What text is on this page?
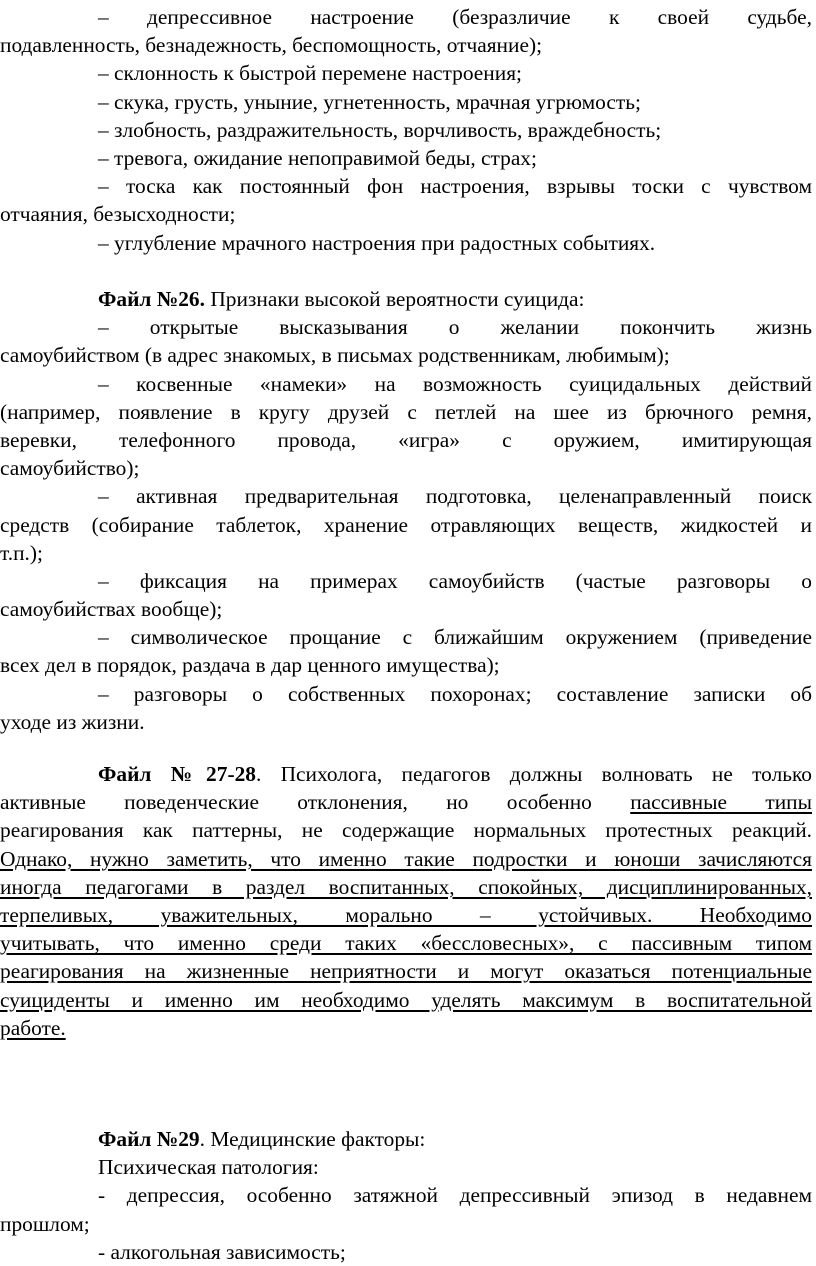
– депрессивное настроение (безразличие к своей судьбе,
подавленность, безнадежность, беспомощность, отчаяние);
– склонность к быстрой перемене настроения;
– скука, грусть, уныние, угнетенность, мрачная угрюмость;
– злобность, раздражительность, ворчливость, враждебность;
– тревога, ожидание непоправимой беды, страх;
– тоска как постоянный фон настроения, взрывы тоски с чувством
отчаяния, безысходности;
– углубление мрачного настроения при радостных событиях.
Файл №26. Признаки высокой вероятности суицида:
– открытые высказывания о желании покончить жизнь
самоубийством (в адрес знакомых, в письмах родственникам, любимым);
– косвенные «намеки» на возможность суицидальных действий
(например, появление в кругу друзей с петлей на шее из брючного ремня,
веревки, телефонного провода, «игра» с оружием, имитирующая
самоубийство);
– активная предварительная подготовка, целенаправленный поиск
средств (собирание таблеток, хранение отравляющих веществ, жидкостей и
т.п.);
– фиксация на примерах самоубийств (частые разговоры о
самоубийствах вообще);
– символическое прощание с ближайшим окружением (приведение
всех дел в порядок, раздача в дар ценного имущества);
– разговоры о собственных похоронах; составление записки об
уходе из жизни.
Файл №27-28. Психолога, педагогов должны волновать не только
активные поведенческие отклонения, но особенно пассивные типы
реагирования как паттерны, не содержащие нормальных протестных реакций.
Однако, нужно заметить, что именно такие подростки и юноши зачисляются
иногда педагогами в раздел воспитанных, спокойных, дисциплинированных,
терпеливых, уважительных, морально – устойчивых. Необходимо
учитывать, что именно среди таких «бессловесных», с пассивным типом
реагирования на жизненные неприятности и могут оказаться потенциальные
суициденты и именно им необходимо уделять максимум в воспитательной
работе.
Файл №29. Медицинские факторы:
Психическая патология:
- депрессия, особенно затяжной депрессивный эпизод в недавнем
прошлом;
- алкогольная зависимость;
